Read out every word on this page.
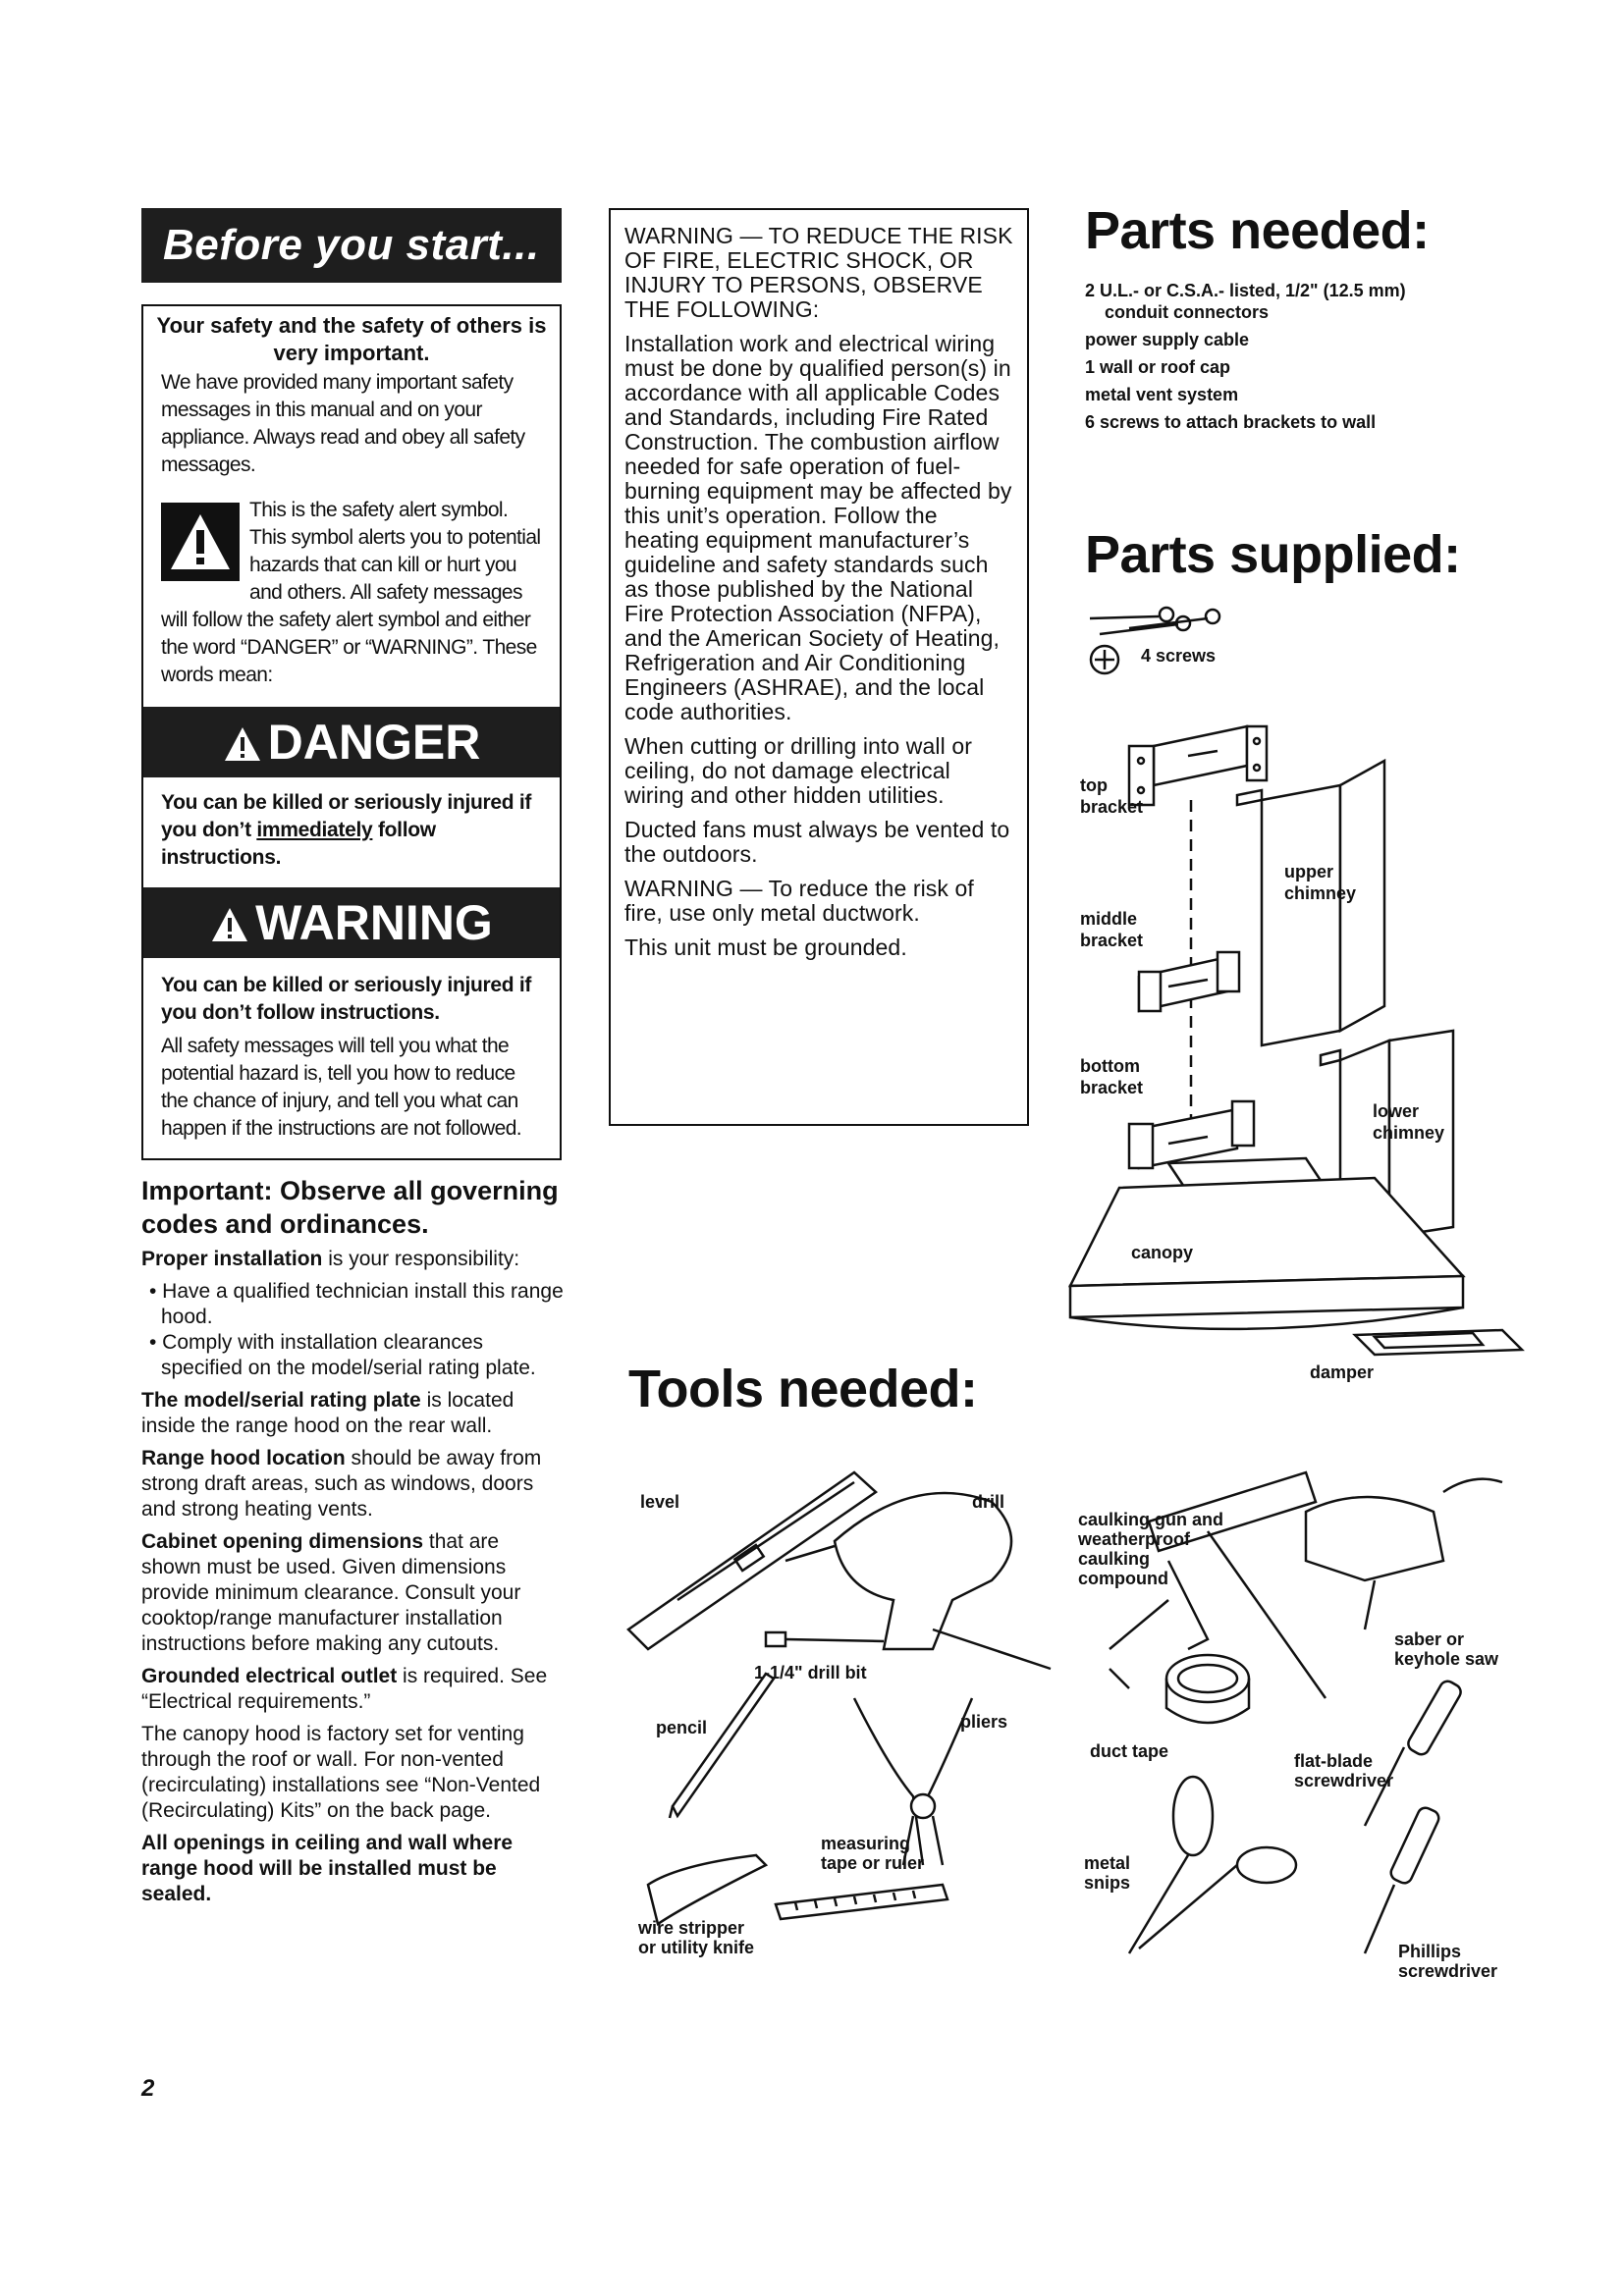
Before you start...
Your safety and the safety of others is very important.
We have provided many important safety messages in this manual and on your appliance. Always read and obey all safety messages.
This is the safety alert symbol. This symbol alerts you to potential hazards that can kill or hurt you and others. All safety messages will follow the safety alert symbol and either the word “DANGER” or “WARNING”. These words mean:
DANGER
You can be killed or seriously injured if you don’t immediately follow instructions.
WARNING
You can be killed or seriously injured if you don’t follow instructions.
All safety messages will tell you what the potential hazard is, tell you how to reduce the chance of injury, and tell you what can happen if the instructions are not followed.
Important: Observe all governing codes and ordinances.

Proper installation is your responsibility:

• Have a qualified technician install this range hood.
• Comply with installation clearances specified on the model/serial rating plate.

The model/serial rating plate is located inside the range hood on the rear wall.

Range hood location should be away from strong draft areas, such as windows, doors and strong heating vents.

Cabinet opening dimensions that are shown must be used. Given dimensions provide minimum clearance. Consult your cooktop/range manufacturer installation instructions before making any cutouts.

Grounded electrical outlet is required. See “Electrical requirements.”

The canopy hood is factory set for venting through the roof or wall. For non-vented (recirculating) installations see “Non-Vented (Recirculating) Kits” on the back page.

All openings in ceiling and wall where range hood will be installed must be sealed.

2

WARNING — TO REDUCE THE RISK OF FIRE, ELECTRIC SHOCK, OR INJURY TO PERSONS, OBSERVE THE FOLLOWING:

Installation work and electrical wiring must be done by qualified person(s) in accordance with all applicable Codes and Standards, including Fire Rated Construction. The combustion airflow needed for safe operation of fuel-burning equipment may be affected by this unit’s operation. Follow the heating equipment manufacturer’s guideline and safety standards such as those published by the National Fire Protection Association (NFPA), and the American Society of Heating, Refrigeration and Air Conditioning Engineers (ASHRAE), and the local code authorities.

When cutting or drilling into wall or ceiling, do not damage electrical wiring and other hidden utilities.

Ducted fans must always be vented to the outdoors.

WARNING — To reduce the risk of fire, use only metal ductwork.

This unit must be grounded.

Parts needed:
2 U.L.- or C.S.A.- listed, 1/2" (12.5 mm)
conduit connectors
power supply cable
1 wall or roof cap
metal vent system
6 screws to attach brackets to wall
Parts supplied:
4 screws
top
bracket
upper
chimney
middle
bracket
bottom
bracket
lower
chimney
canopy
damper
Tools needed:
level	drill
1-1/4" drill bit
pencil	pliers
measuring
tape or ruler
wire stripper
or utility knife
caulking gun and
weatherproof
caulking
compound
saber or
keyhole saw
duct tape	flat-blade
screwdriver
metal
snips
Phillips
screwdriver
